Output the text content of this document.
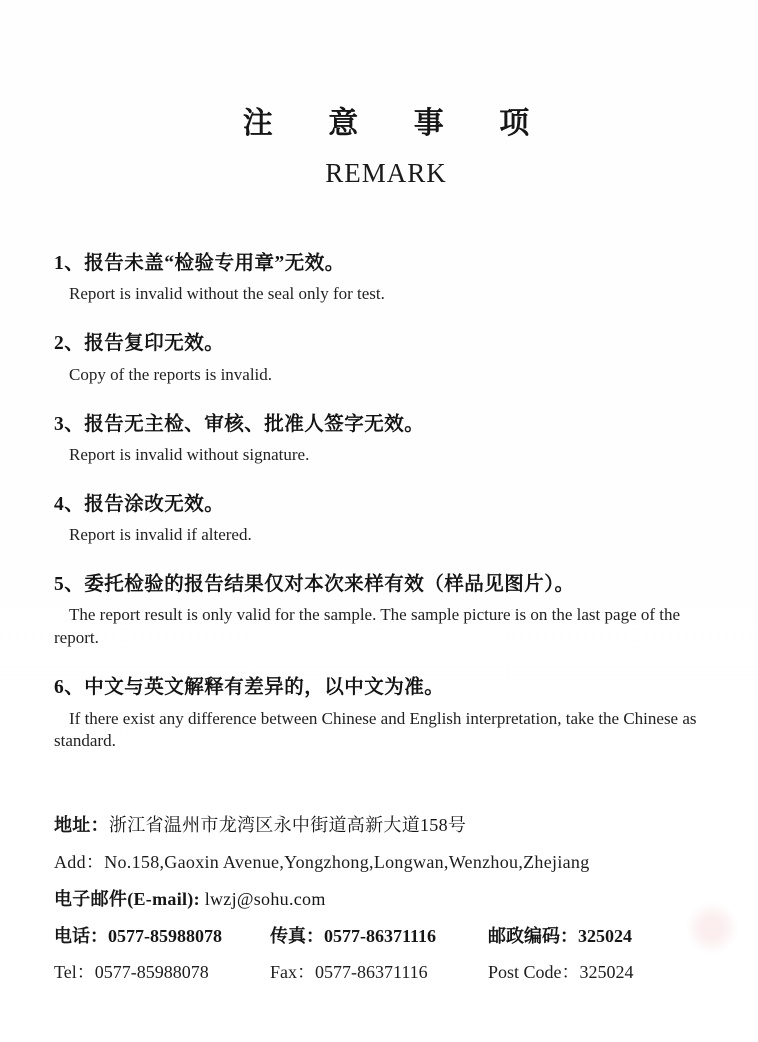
注 意 事 项
REMARK
1、报告未盖“检验专用章”无效。
Report is invalid without the seal only for test.
2、报告复印无效。
Copy of the reports is invalid.
3、报告无主检、审核、批准人签字无效。
Report is invalid without signature.
4、报告涂改无效。
Report is invalid if altered.
5、委托检验的报告结果仅对本次来样有效（样品见图片）。
The report result is only valid for the sample. The sample picture is on the last page of the report.
6、中文与英文解释有差异的，以中文为准。
If there exist any difference between Chinese and English interpretation, take the Chinese as standard.
地址：浙江省温州市龙湾区永中街道高新大道158号
Add：No.158,Gaoxin Avenue,Yongzhong,Longwan,Wenzhou,Zhejiang
电子邮件(E-mail): lwzj@sohu.com
电话：0577-85988078	传真：0577-86371116	邮政编码：325024
Tel：0577-85988078	Fax：0577-86371116	Post Code：325024
